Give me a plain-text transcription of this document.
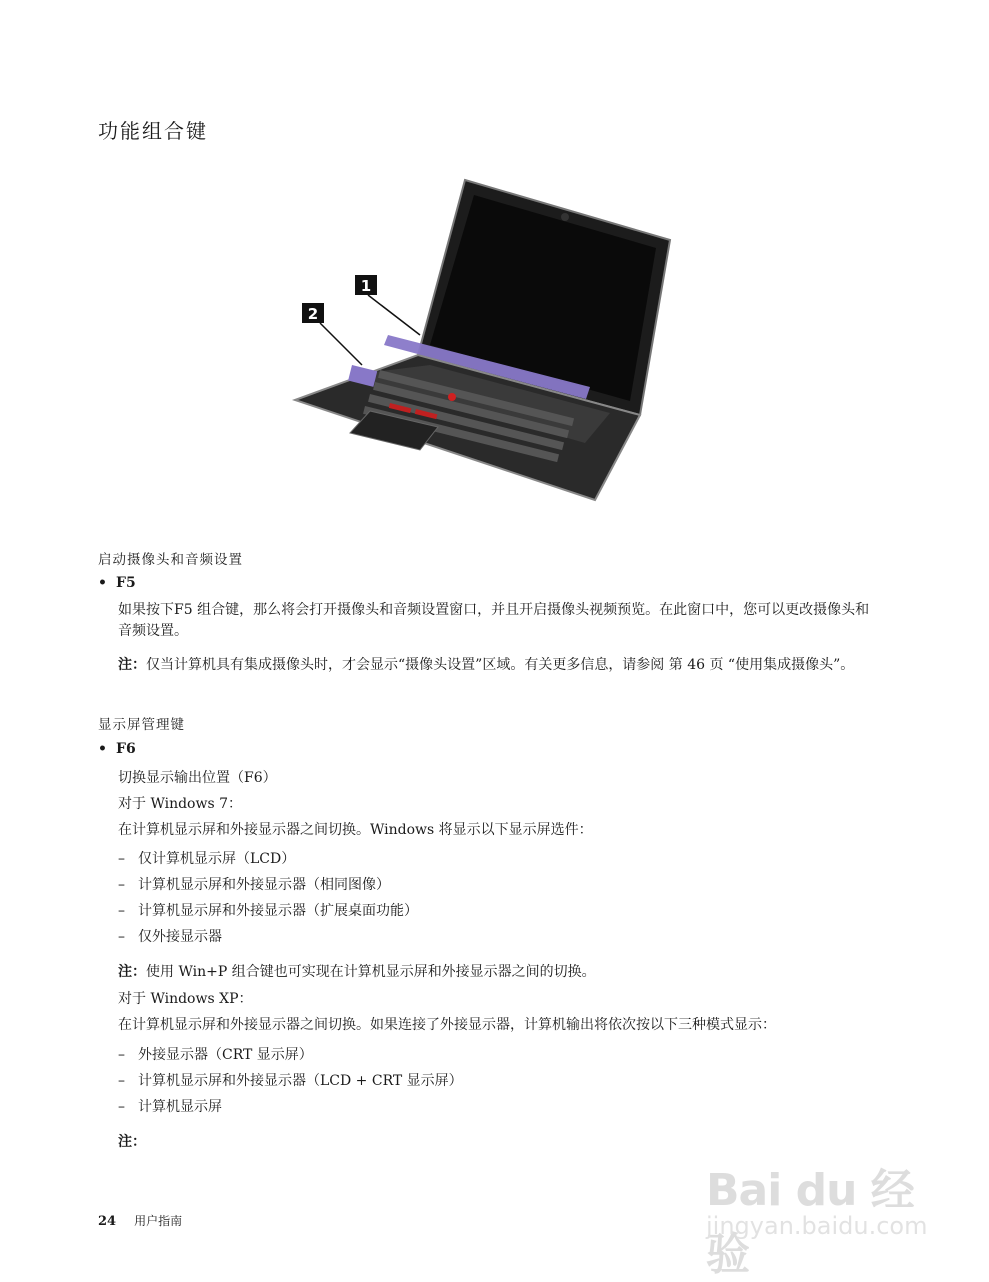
功能组合键
1
2
启动摄像头和音频设置
• F5
如果按下F5 组合键，那么将会打开摄像头和音频设置窗口，并且开启摄像头视频预览。在此窗口中，您可以更改摄像头和音频设置。
注：仅当计算机具有集成摄像头时，才会显示“摄像头设置”区域。有关更多信息，请参阅 第 46 页 “使用集成摄像头”。
显示屏管理键
• F6
切换显示输出位置（F6）
对于 Windows 7：
在计算机显示屏和外接显示器之间切换。Windows 将显示以下显示屏选件：
– 仅计算机显示屏（LCD）
– 计算机显示屏和外接显示器（相同图像）
– 计算机显示屏和外接显示器（扩展桌面功能）
– 仅外接显示器
注：使用 Win+P 组合键也可实现在计算机显示屏和外接显示器之间的切换。
对于 Windows XP：
在计算机显示屏和外接显示器之间切换。如果连接了外接显示器，计算机输出将依次按以下三种模式显示：
– 外接显示器（CRT 显示屏）
– 计算机显示屏和外接显示器（LCD + CRT 显示屏）
– 计算机显示屏
注：
24 用户指南
Bai du 经验
jingyan.baidu.com
